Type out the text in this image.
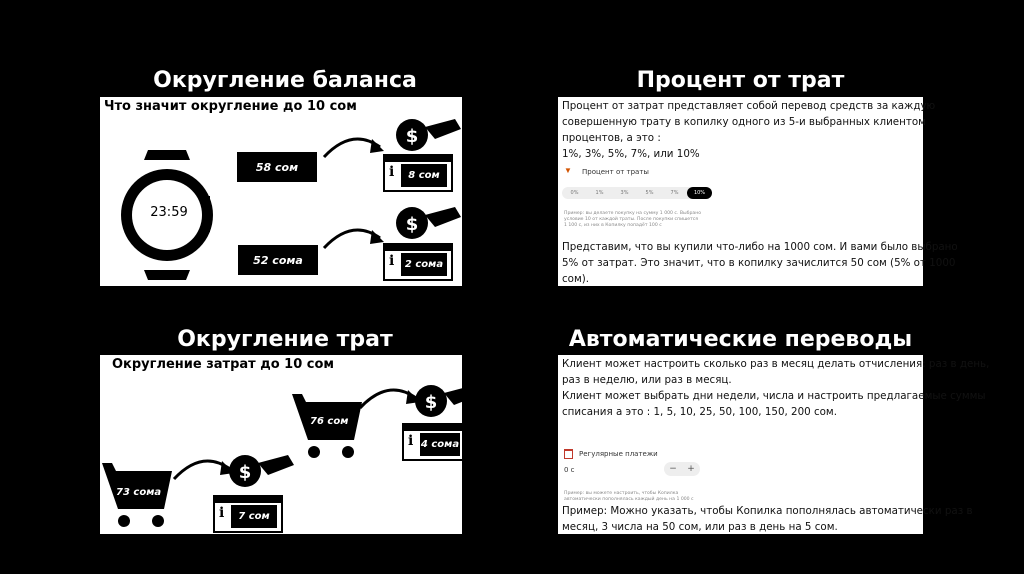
Округление баланса	Процент от трат
Округление трат	Автоматические переводы
Что значит округление до 10 сом
23:59
58 сом
52 сома
$
$
i	8 сом
i	2 сома
Процент от затрат представляет собой перевод средств за каждую
совершенную трату в копилку одного из 5-и выбранных клиентом
процентов, а это :
1%, 3%, 5%, 7%, или 10%
▼ Процент от траты
0%	1%	3%	5%	7%	10%
Пример: вы делаете покупку на сумму 1 000 с. Выбрано
условие 10 от каждой траты. После покупки спишется
1 100 с, из них в Копилку попадёт 100 с
Представим, что вы купили что-либо на 1000 сом. И вами было выбрано
5% от затрат. Это значит, что в копилку зачислится 50 сом (5% от 1000
сом).
Округление затрат до 10 сом
73 сома
76 сом
$
$
i	7 сом
i 4 сома
Клиент может настроить сколько раз в месяц делать отчисления: раз в день,
раз в неделю, или раз в месяц.
Клиент может выбрать дни недели, числа и настроить предлагаемые суммы
списания а это : 1, 5, 10, 25, 50, 100, 150, 200 сом.
Регулярные платежи
0 с	−	+
Пример: вы можете настроить, чтобы Копилка
автоматически пополнялась каждый день на 1 000 с
Пример: Можно указать, чтобы Копилка пополнялась автоматически раз в
месяц, 3 числа на 50 сом, или раз в день на 5 сом.
